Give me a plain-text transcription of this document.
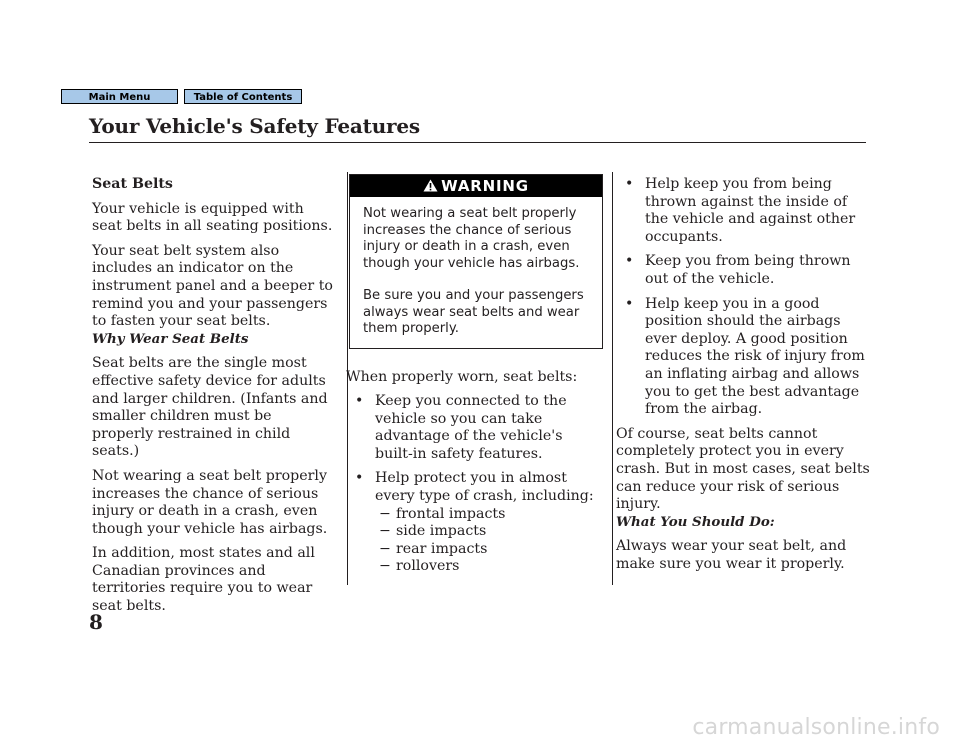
Main Menu	Table of Contents
Your Vehicle's Safety Features

Seat Belts

Your vehicle is equipped with seat belts in all seating positions.

Your seat belt system also includes an indicator on the instrument panel and a beeper to remind you and your passengers to fasten your seat belts.

Why Wear Seat Belts

Seat belts are the single most effective safety device for adults and larger children. (Infants and smaller children must be properly restrained in child seats.)

Not wearing a seat belt properly increases the chance of serious injury or death in a crash, even though your vehicle has airbags.

In addition, most states and all Canadian provinces and territories require you to wear seat belts.

WARNING

Not wearing a seat belt properly increases the chance of serious injury or death in a crash, even though your vehicle has airbags.

Be sure you and your passengers always wear seat belts and wear them properly.

When properly worn, seat belts:

• Keep you connected to the vehicle so you can take advantage of the vehicle's built-in safety features.
• Help protect you in almost every type of crash, including:
− frontal impacts
− side impacts
− rear impacts
− rollovers
• Help keep you from being thrown against the inside of the vehicle and against other occupants.
• Keep you from being thrown out of the vehicle.
• Help keep you in a good position should the airbags ever deploy. A good position reduces the risk of injury from an inflating airbag and allows you to get the best advantage from the airbag.

Of course, seat belts cannot completely protect you in every crash. But in most cases, seat belts can reduce your risk of serious injury.

What You Should Do:

Always wear your seat belt, and make sure you wear it properly.

8

carmanualsonline.info
